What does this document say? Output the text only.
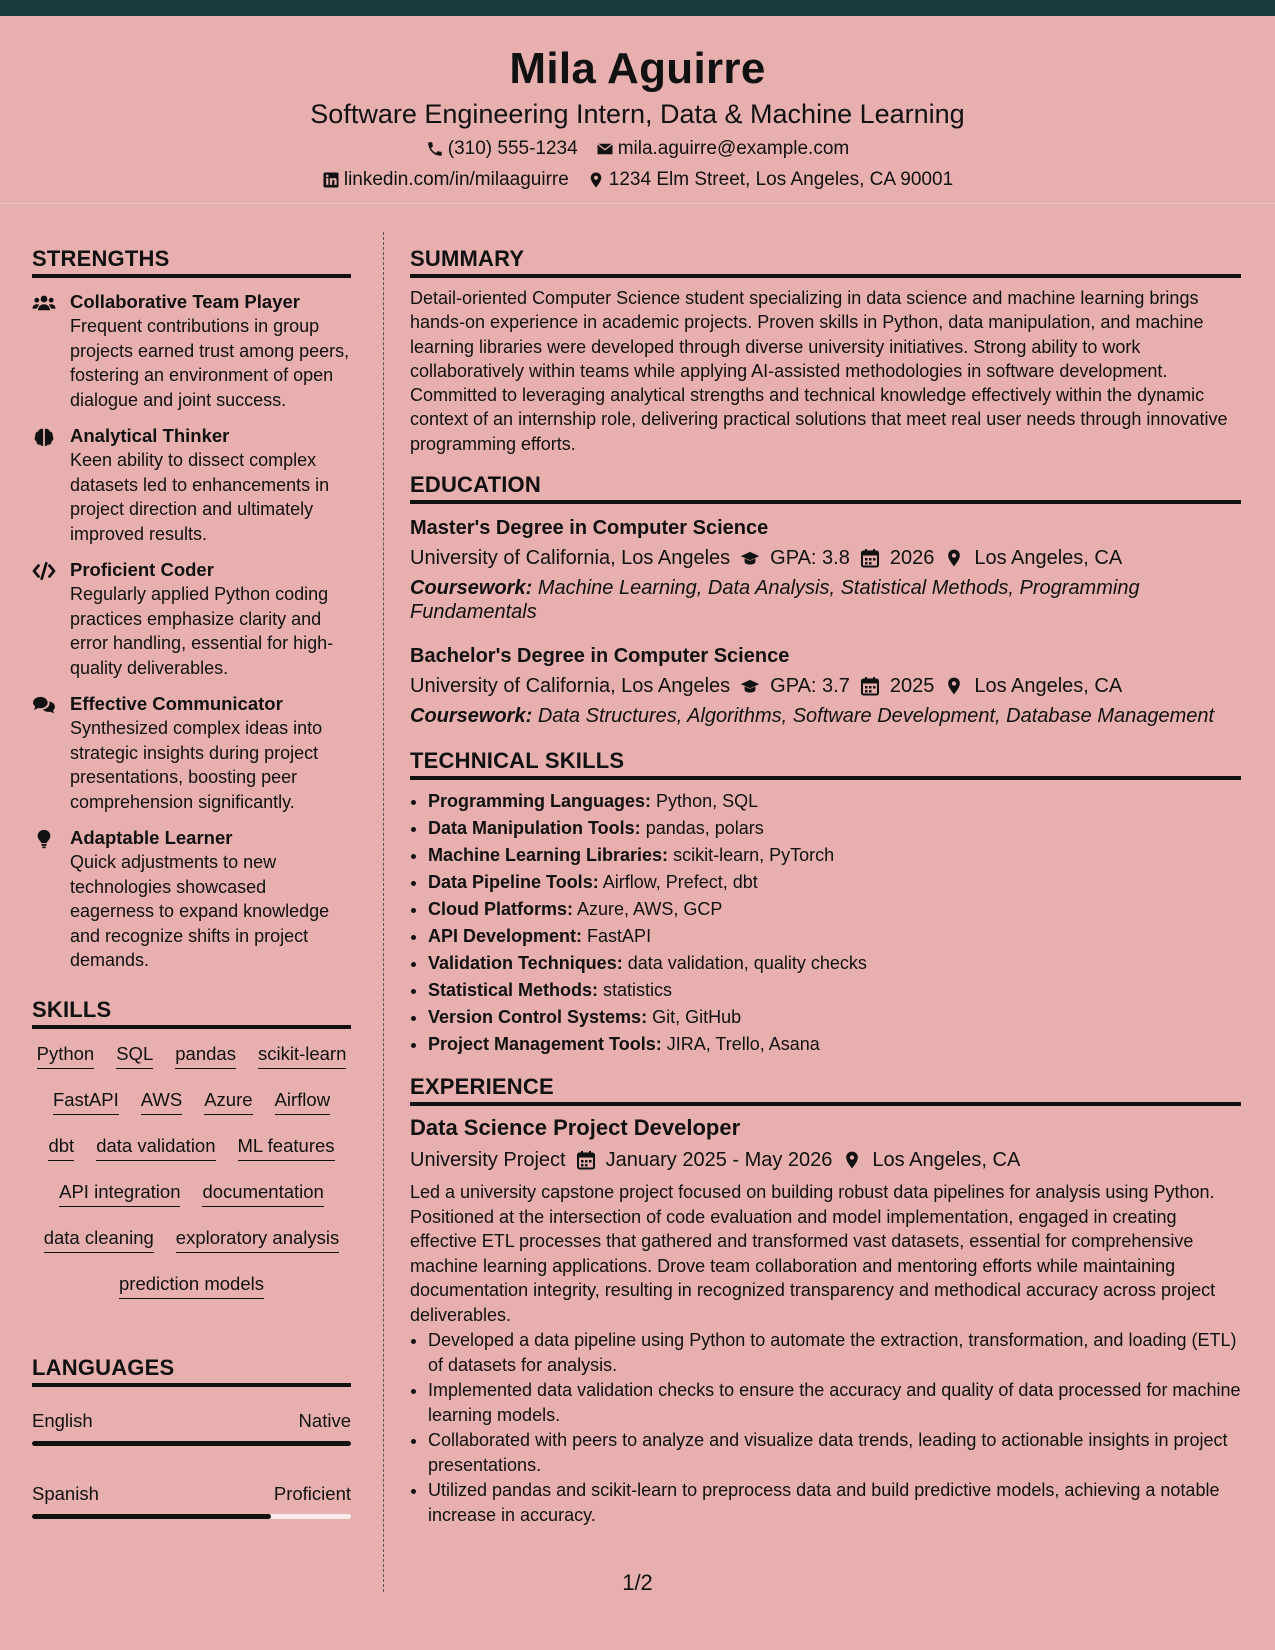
Mila Aguirre
Software Engineering Intern, Data & Machine Learning
(310) 555-1234 mila.aguirre@example.com
linkedin.com/in/milaaguirre 1234 Elm Street, Los Angeles, CA 90001
STRENGTHS
Collaborative Team Player
Frequent contributions in group projects earned trust among peers, fostering an environment of open dialogue and joint success.
Analytical Thinker
Keen ability to dissect complex datasets led to enhancements in project direction and ultimately improved results.
Proficient Coder
Regularly applied Python coding practices emphasize clarity and error handling, essential for high-quality deliverables.
Effective Communicator
Synthesized complex ideas into strategic insights during project presentations, boosting peer comprehension significantly.
Adaptable Learner
Quick adjustments to new technologies showcased eagerness to expand knowledge and recognize shifts in project demands.
SKILLS
Python SQL pandas scikit-learn
FastAPI AWS Azure Airflow
dbt data validation ML features
API integration documentation
data cleaning exploratory analysis
prediction models
LANGUAGES
English	Native
Spanish	Proficient
SUMMARY
Detail-oriented Computer Science student specializing in data science and machine learning brings hands-on experience in academic projects. Proven skills in Python, data manipulation, and machine learning libraries were developed through diverse university initiatives. Strong ability to work collaboratively within teams while applying AI-assisted methodologies in software development. Committed to leveraging analytical strengths and technical knowledge effectively within the dynamic context of an internship role, delivering practical solutions that meet real user needs through innovative programming efforts.
EDUCATION
Master's Degree in Computer Science
University of California, Los Angeles GPA: 3.8 2026 Los Angeles, CA
Coursework: Machine Learning, Data Analysis, Statistical Methods, Programming Fundamentals
Bachelor's Degree in Computer Science
University of California, Los Angeles GPA: 3.7 2025 Los Angeles, CA
Coursework: Data Structures, Algorithms, Software Development, Database Management
TECHNICAL SKILLS
• Programming Languages: Python, SQL
• Data Manipulation Tools: pandas, polars
• Machine Learning Libraries: scikit-learn, PyTorch
• Data Pipeline Tools: Airflow, Prefect, dbt
• Cloud Platforms: Azure, AWS, GCP
• API Development: FastAPI
• Validation Techniques: data validation, quality checks
• Statistical Methods: statistics
• Version Control Systems: Git, GitHub
• Project Management Tools: JIRA, Trello, Asana
EXPERIENCE
Data Science Project Developer
University Project January 2025 - May 2026 Los Angeles, CA
Led a university capstone project focused on building robust data pipelines for analysis using Python. Positioned at the intersection of code evaluation and model implementation, engaged in creating effective ETL processes that gathered and transformed vast datasets, essential for comprehensive machine learning applications. Drove team collaboration and mentoring efforts while maintaining documentation integrity, resulting in recognized transparency and methodical accuracy across project deliverables.
• Developed a data pipeline using Python to automate the extraction, transformation, and loading (ETL) of datasets for analysis.
• Implemented data validation checks to ensure the accuracy and quality of data processed for machine learning models.
• Collaborated with peers to analyze and visualize data trends, leading to actionable insights in project presentations.
• Utilized pandas and scikit-learn to preprocess data and build predictive models, achieving a notable increase in accuracy.
1/2
